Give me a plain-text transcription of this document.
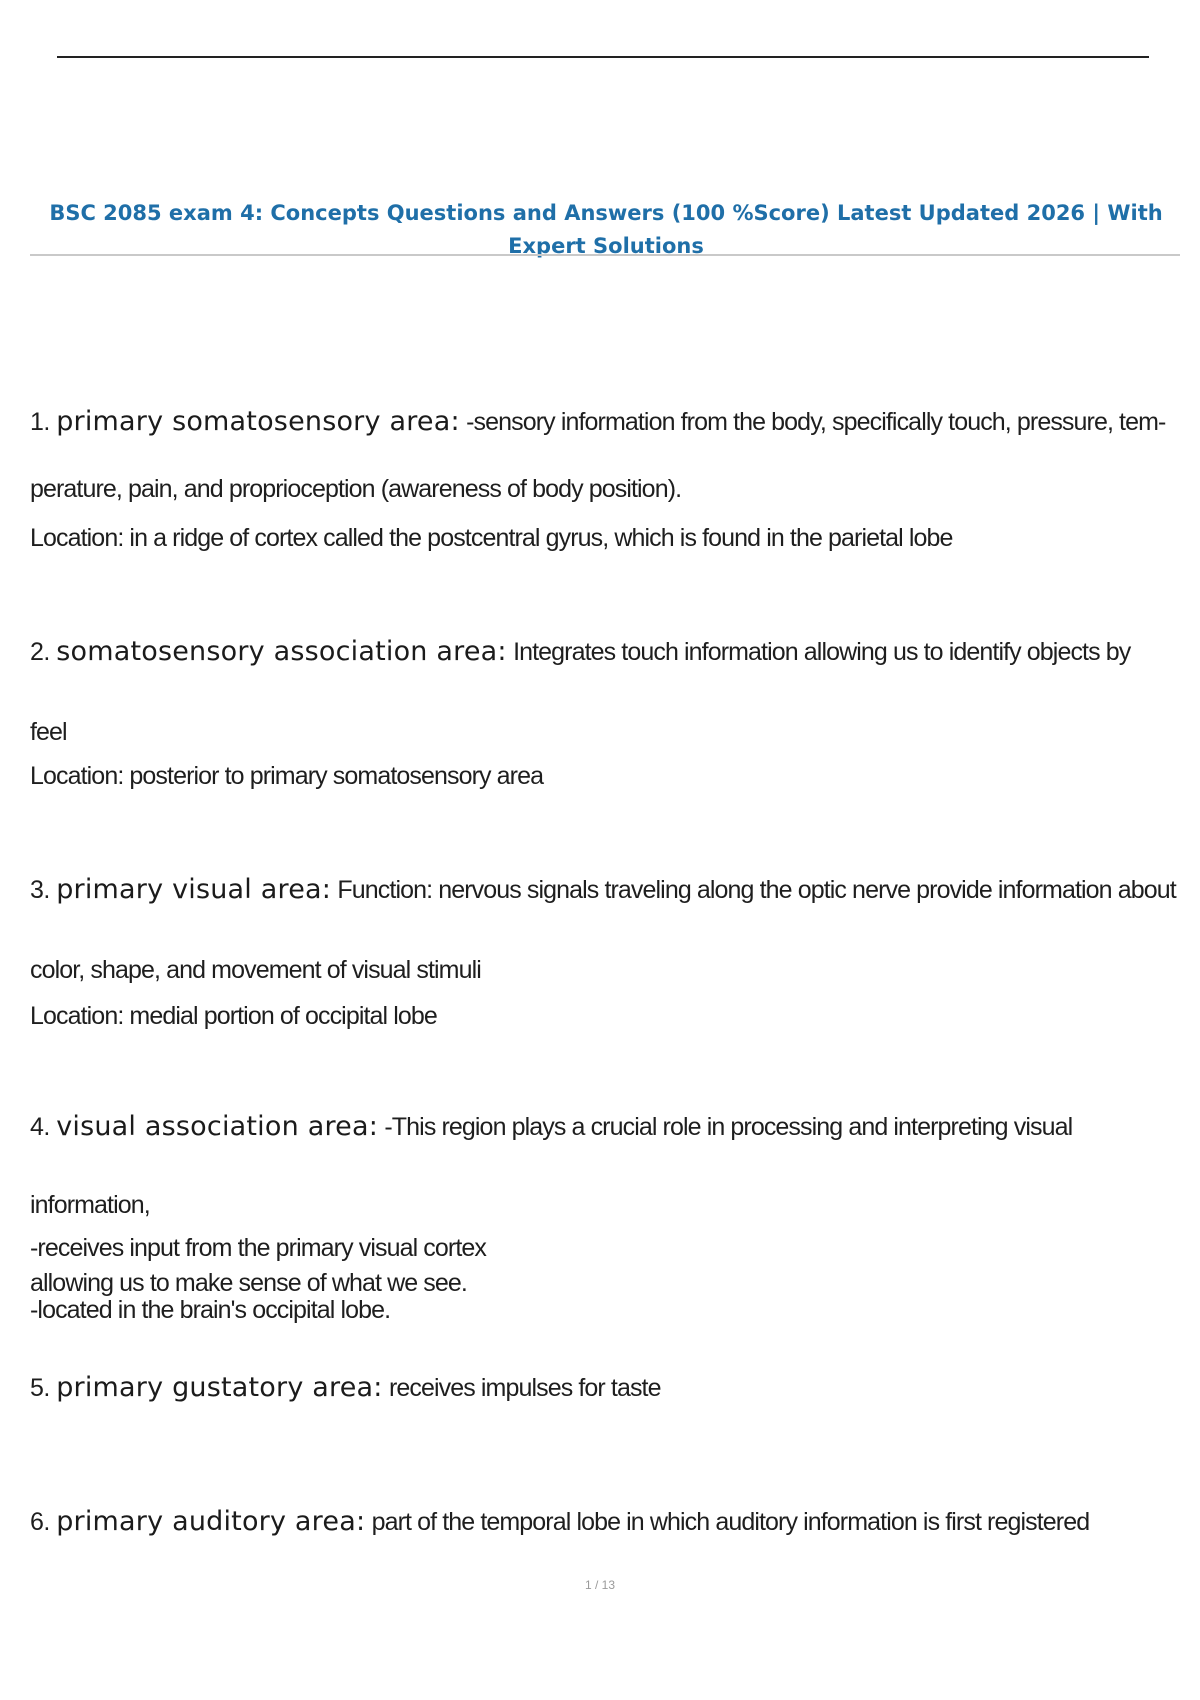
BSC 2085 exam 4: Concepts Questions and Answers (100 %Score) Latest Updated 2026 | With Expert Solutions

1. primary somatosensory area: -sensory information from the body, specifically touch, pressure, tem-
perature, pain, and proprioception (awareness of body position).

Location: in a ridge of cortex called the postcentral gyrus, which is found in the parietal lobe

2. somatosensory association area: Integrates touch information allowing us to identify objects by
feel

Location: posterior to primary somatosensory area

3. primary visual area: Function: nervous signals traveling along the optic nerve provide information about
color, shape, and movement of visual stimuli

Location: medial portion of occipital lobe

4. visual association area: -This region plays a crucial role in processing and interpreting visual information,
allowing us to make sense of what we see.

-receives input from the primary visual cortex

-located in the brain's occipital lobe.

5. primary gustatory area: receives impulses for taste

6. primary auditory area: part of the temporal lobe in which auditory information is first registered

1 / 13
